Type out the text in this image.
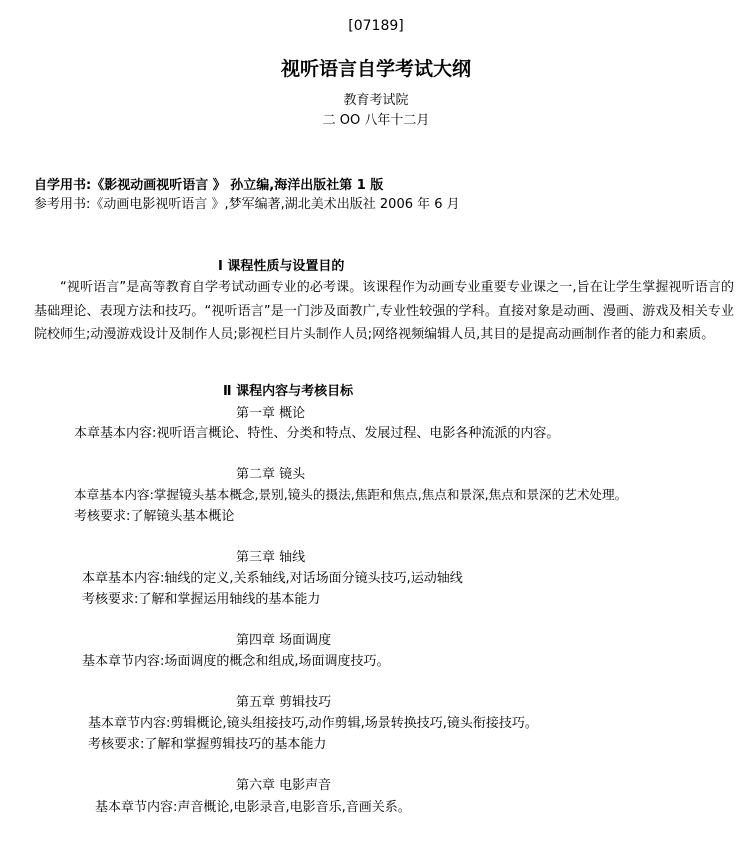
[07189]
视听语言自学考试大纲
教育考试院
二 OO 八年十二月
自学用书:《影视动画视听语言 》 孙立编,海洋出版社第 1 版
参考用书:《动画电影视听语言 》,梦军编著,湖北美术出版社 2006 年 6 月
Ⅰ 课程性质与设置目的
“视听语言”是高等教育自学考试动画专业的必考课。该课程作为动画专业重要专业课之一,旨在让学生掌握视听语言的基础理论、表现方法和技巧。“视听语言”是一门涉及面教广,专业性较强的学科。直接对象是动画、漫画、游戏及相关专业院校师生;动漫游戏设计及制作人员;影视栏目片头制作人员;网络视频编辑人员,其目的是提高动画制作者的能力和素质。
Ⅱ 课程内容与考核目标
第一章 概论
本章基本内容:视听语言概论、特性、分类和特点、发展过程、电影各种流派的内容。
第二章 镜头
本章基本内容:掌握镜头基本概念,景别,镜头的摄法,焦距和焦点,焦点和景深,焦点和景深的艺术处理。
考核要求:了解镜头基本概论
第三章 轴线
本章基本内容:轴线的定义,关系轴线,对话场面分镜头技巧,运动轴线
考核要求:了解和掌握运用轴线的基本能力
第四章 场面调度
基本章节内容:场面调度的概念和组成,场面调度技巧。
第五章 剪辑技巧
基本章节内容:剪辑概论,镜头组接技巧,动作剪辑,场景转换技巧,镜头衔接技巧。
考核要求:了解和掌握剪辑技巧的基本能力
第六章 电影声音
基本章节内容:声音概论,电影录音,电影音乐,音画关系。
